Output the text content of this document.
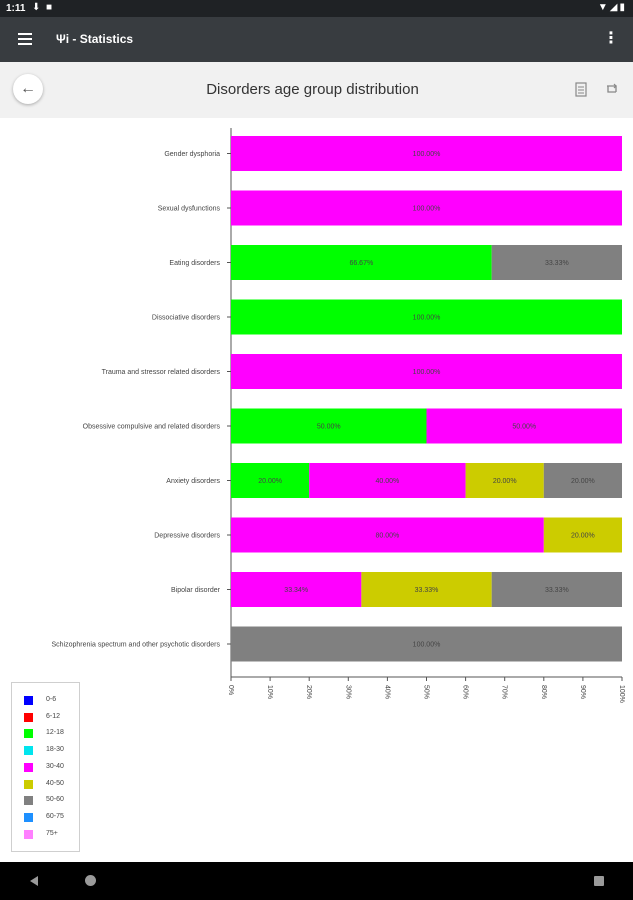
1:11 ⬇ ■	▼◢▮
Ψi - Statistics	⋮
←	Disorders age group distribution
Gender dysphoria	100.00%
Sexual dysfunctions	100.00%
Eating disorders	66.67%	33.33%
Dissociative disorders	100.00%
Trauma and stressor related disorders	100.00%
Obsessive compulsive and related disorders	50.00%	50.00%
Anxiety disorders	20.00%	40.00%	20.00%	20.00%
Depressive disorders	80.00%	20.00%
Bipolar disorder	33.34%	33.33%	33.33%
Schizophrenia spectrum and other psychotic disorders	100.00%
0%	10%	20%	30%	40%	50%	60%	70%	80%	90%	100%
0-6
6-12
12-18
18-30
30-40
40-50
50-60
60-75
75+
